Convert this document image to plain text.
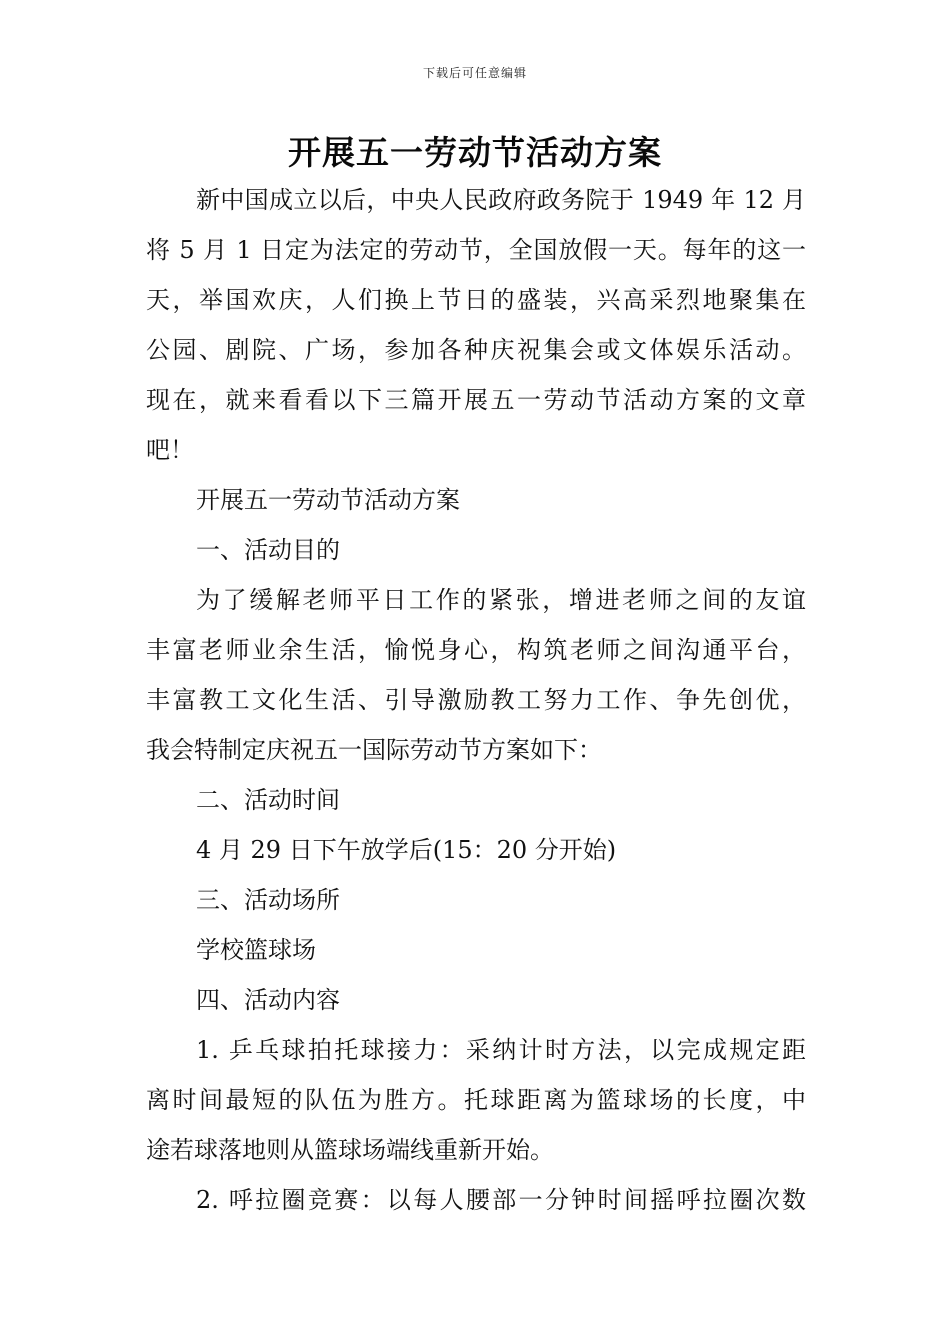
下载后可任意编辑
开展五一劳动节活动方案
新中国成立以后，中央人民政府政务院于 1949 年 12 月
将 5 月 1 日定为法定的劳动节，全国放假一天。每年的这一
天，举国欢庆，人们换上节日的盛装，兴高采烈地聚集在
公园、剧院、广场，参加各种庆祝集会或文体娱乐活动。
现在，就来看看以下三篇开展五一劳动节活动方案的文章
吧！
开展五一劳动节活动方案
一、活动目的
为了缓解老师平日工作的紧张，增进老师之间的友谊
丰富老师业余生活，愉悦身心，构筑老师之间沟通平台，
丰富教工文化生活、引导激励教工努力工作、争先创优，
我会特制定庆祝五一国际劳动节方案如下：
二、活动时间
4 月 29 日下午放学后(15：20 分开始)
三、活动场所
学校篮球场
四、活动内容
1. 乒乓球拍托球接力：采纳计时方法，以完成规定距
离时间最短的队伍为胜方。托球距离为篮球场的长度，中
途若球落地则从篮球场端线重新开始。
2. 呼拉圈竞赛：以每人腰部一分钟时间摇呼拉圈次数
